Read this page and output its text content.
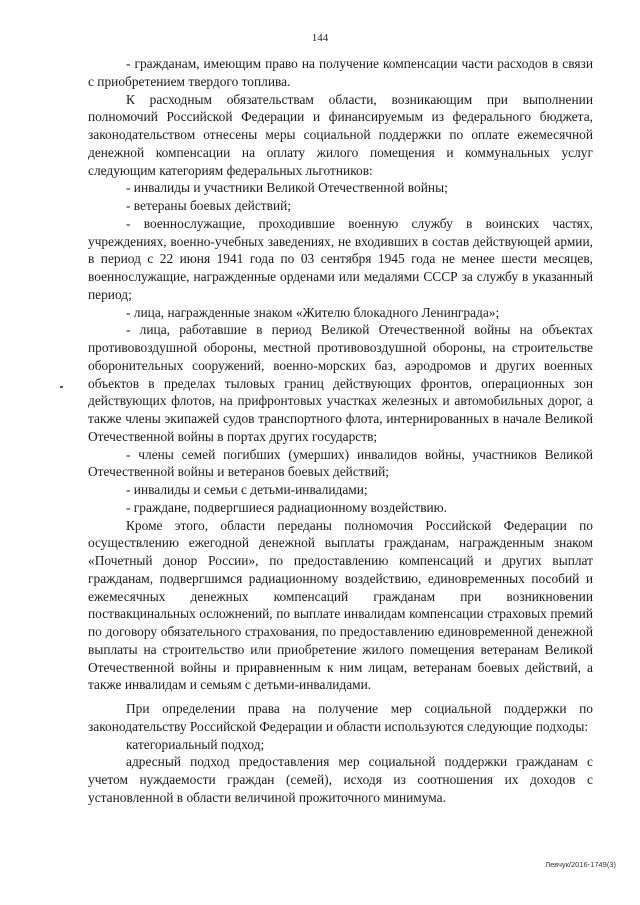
144

- гражданам, имеющим право на получение компенсации части расходов в связи с приобретением твердого топлива.

К расходным обязательствам области, возникающим при выполнении полномочий Российской Федерации и финансируемым из федерального бюджета, законодательством отнесены меры социальной поддержки по оплате ежемесячной денежной компенсации на оплату жилого помещения и коммунальных услуг следующим категориям федеральных льготников:

- инвалиды и участники Великой Отечественной войны;

- ветераны боевых действий;

- военнослужащие, проходившие военную службу в воинских частях, учреждениях, военно-учебных заведениях, не входивших в состав действующей армии, в период с 22 июня 1941 года по 03 сентября 1945 года не менее шести месяцев, военнослужащие, награжденные орденами или медалями СССР за службу в указанный период;

- лица, награжденные знаком «Жителю блокадного Ленинграда»;

- лица, работавшие в период Великой Отечественной войны на объектах противовоздушной обороны, местной противовоздушной обороны, на строительстве оборонительных сооружений, военно-морских баз, аэродромов и других военных объектов в пределах тыловых границ действующих фронтов, операционных зон действующих флотов, на прифронтовых участках железных и автомобильных дорог, а также члены экипажей судов транспортного флота, интернированных в начале Великой Отечественной войны в портах других государств;

- члены семей погибших (умерших) инвалидов войны, участников Великой Отечественной войны и ветеранов боевых действий;

- инвалиды и семьи с детьми-инвалидами;

- граждане, подвергшиеся радиационному воздействию.

Кроме этого, области переданы полномочия Российской Федерации по осуществлению ежегодной денежной выплаты гражданам, награжденным знаком «Почетный донор России», по предоставлению компенсаций и других выплат гражданам, подвергшимся радиационному воздействию, единовременных пособий и ежемесячных денежных компенсаций гражданам при возникновении поствакцинальных осложнений, по выплате инвалидам компенсации страховых премий по договору обязательного страхования, по предоставлению единовременной денежной выплаты на строительство или приобретение жилого помещения ветеранам Великой Отечественной войны и приравненным к ним лицам, ветеранам боевых действий, а также инвалидам и семьям с детьми-инвалидами.

При определении права на получение мер социальной поддержки по законодательству Российской Федерации и области используются следующие подходы:

категориальный подход;

адресный подход предоставления мер социальной поддержки гражданам с учетом нуждаемости граждан (семей), исходя из соотношения их доходов с установленной в области величиной прожиточного минимума.

Левчук/2016-1749(3)
